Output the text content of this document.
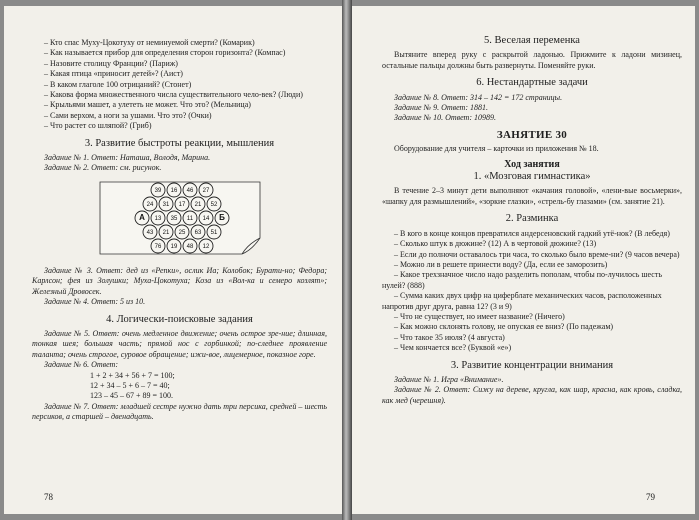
– Кто спас Муху-Цокотуху от неминуемой смерти? (Комарик)

– Как называется прибор для определения сторон горизонта? (Компас)

– Назовите столицу Франции? (Париж)

– Какая птица «приносит детей»? (Аист)

– В каком глаголе 100 отрицаний? (Стонет)

– Какова форма множественного числа существительного чело-век? (Люди)

– Крыльями машет, а улететь не может. Что это? (Мельница)

– Сами верхом, а ноги за ушами. Что это? (Очки)

– Что растет со шляпой? (Гриб)

3. Развитие быстроты реакции, мышления

Задание № 1. Ответ: Наташа, Володя, Марина.

Задание № 2. Ответ: см. рисунок.

39 16 46 27
24 31 17 21 52
А 13 35 11 14 Б
43 21 25 63 51
76 19 48 12

Задание № 3. Ответ: дед из «Репки», ослик Иа; Колобок; Бурати-но; Федора; Карлсон; фея из Золушки; Муха-Цокотуха; Коза из «Вол-ка и семеро козлят»; Железный Дровосек.

Задание № 4. Ответ: 5 из 10.

4. Логически-поисковые задания

Задание № 5. Ответ: очень медленное движение; очень острое зре-ние; длинная, тонкая шея; большая часть; прямой нос с горбинкой; по-следнее проявление таланта; очень строгое, суровое обращение; ижи-вое, лицемерное, показное горе.

Задание № 6. Ответ:

1 + 2 + 34 + 56 + 7 = 100;

12 + 34 – 5 + 6 – 7 = 40;

123 – 45 – 67 + 89 = 100.

Задание № 7. Ответ: младшей сестре нужно дать три персика, средней – шесть персиков, а старшей – двенадцать.

78
5. Веселая переменка

Вытяните вперед руку с раскрытой ладонью. Прижмите к ладони мизинец, остальные пальцы должны быть развернуты. Поменяйте руки.

6. Нестандартные задачи

Задание № 8. Ответ: 314 – 142 = 172 страницы.

Задание № 9. Ответ: 1881.

Задание № 10. Ответ: 10989.

ЗАНЯТИЕ 30

Оборудование для учителя – карточки из приложения № 18.

Ход занятия
1. «Мозговая гимнастика»

В течение 2–3 минут дети выполняют «качания головой», «лени-вые восьмерки», «шапку для размышлений», «зоркие глазки», «стрель-бу глазами» (см. занятие 21).

2. Разминка

– В кого в конце концов превратился андерсеновский гадкий утё-нок? (В лебедя)

– Сколько штук в дюжине? (12) А в чертовой дюжине? (13)

– Если до полночи оставалось три часа, то сколько было време-ни? (9 часов вечера)

– Можно ли в решете принести воду? (Да, если ее заморозить)

– Какое трехзначное число надо разделить пополам, чтобы по-лучилось шесть нулей? (888)

– Сумма каких двух цифр на циферблате механических часов, расположенных напротив друг друга, равна 12? (3 и 9)

– Что не существует, но имеет название? (Ничего)

– Как можно склонять голову, не опуская ее вниз? (По падежам)

– Что такое 35 июля? (4 августа)

– Чем кончается все? (Буквой «е»)

3. Развитие концентрации внимания

Задание № 1. Игра «Внимание».

Задание № 2. Ответ: Сижу на дереве, кругла, как шар, красна, как кровь, сладка, как мед (черешня).

79
